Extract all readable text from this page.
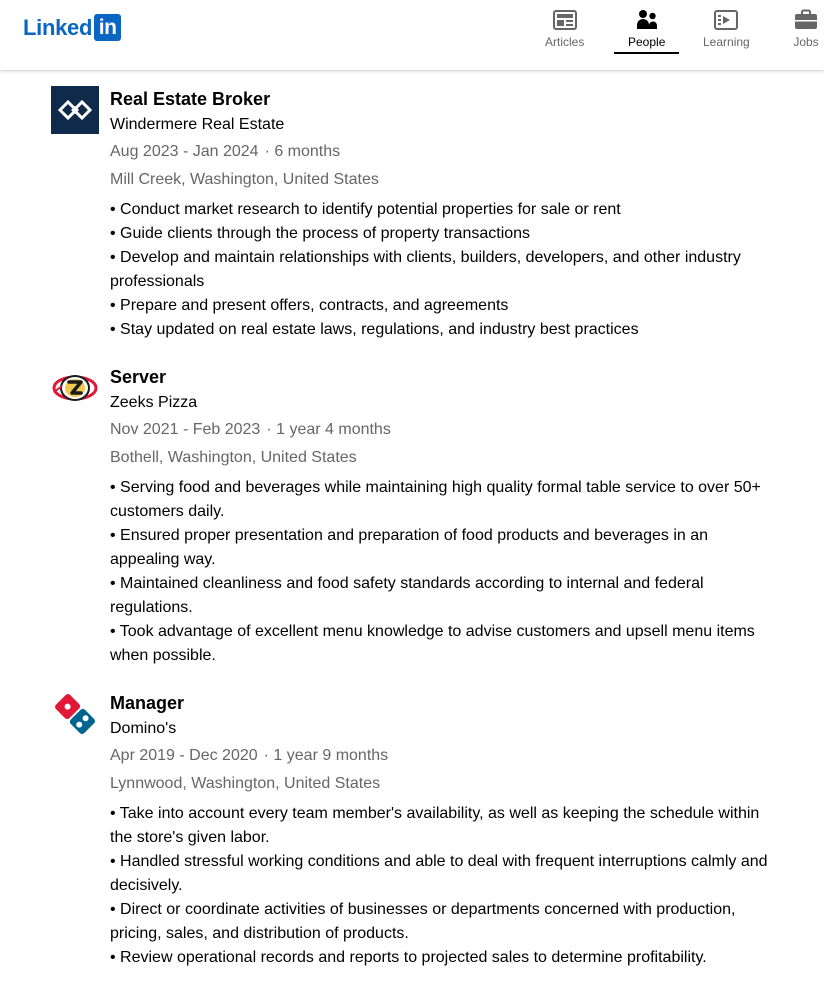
Linked in
Articles	People	Learning	Jobs
Real Estate Broker
Windermere Real Estate
Aug 2023 - Jan 2024 · 6 months
Mill Creek, Washington, United States
• Conduct market research to identify potential properties for sale or rent
• Guide clients through the process of property transactions
• Develop and maintain relationships with clients, builders, developers, and other industry professionals
• Prepare and present offers, contracts, and agreements
• Stay updated on real estate laws, regulations, and industry best practices
Server
Zeeks Pizza
Nov 2021 - Feb 2023 · 1 year 4 months
Bothell, Washington, United States
• Serving food and beverages while maintaining high quality formal table service to over 50+ customers daily.
• Ensured proper presentation and preparation of food products and beverages in an appealing way.
• Maintained cleanliness and food safety standards according to internal and federal regulations.
• Took advantage of excellent menu knowledge to advise customers and upsell menu items when possible.
Manager
Domino's
Apr 2019 - Dec 2020 · 1 year 9 months
Lynnwood, Washington, United States
• Take into account every team member's availability, as well as keeping the schedule within the store's given labor.
• Handled stressful working conditions and able to deal with frequent interruptions calmly and decisively.
• Direct or coordinate activities of businesses or departments concerned with production, pricing, sales, and distribution of products.
• Review operational records and reports to projected sales to determine profitability.
